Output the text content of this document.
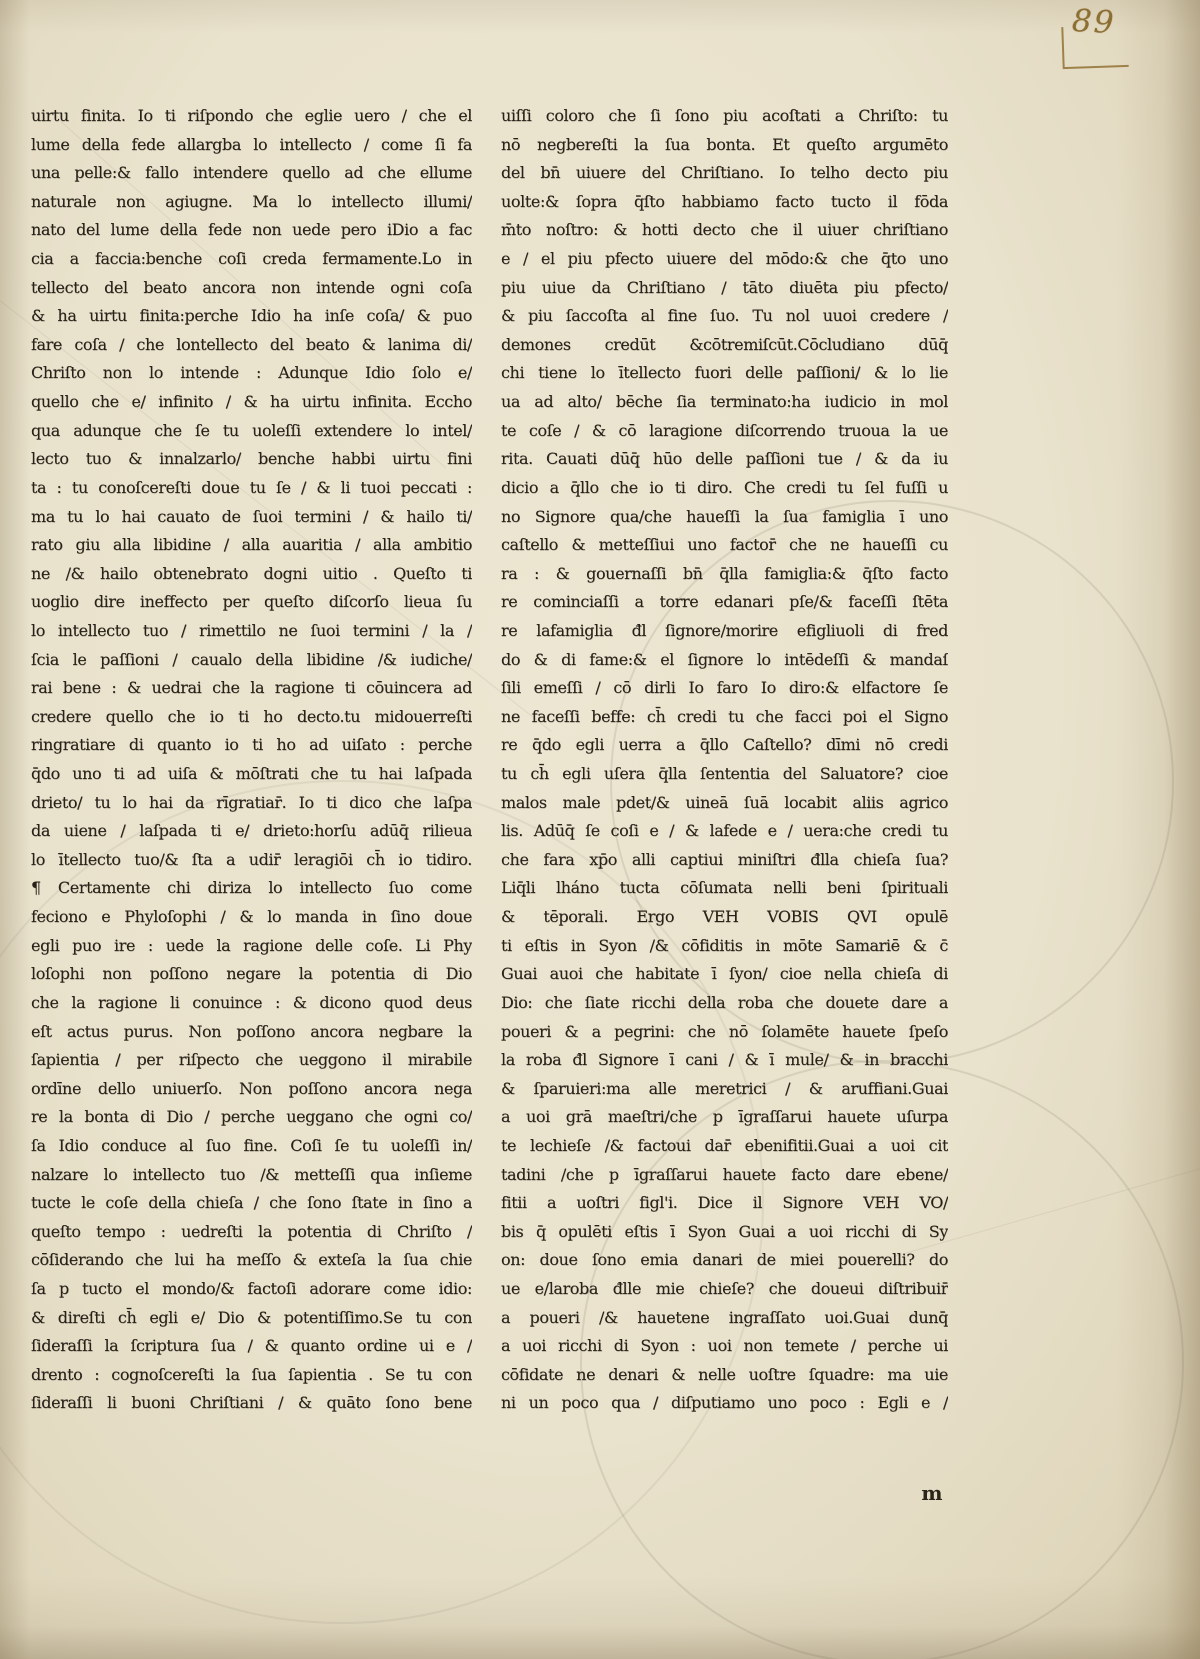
89
uirtu finita. Io ti riſpondo che eglie uero / che el
lume della fede allargba lo intellecto / come ſi fa
una pelle:& fallo intendere quello ad che ellume
naturale non agiugne. Ma lo intellecto illumi/
nato del lume della fede non uede pero iDio a fac
cia a faccia:benche coſi creda fermamente.Lo in
tellecto del beato ancora non intende ogni coſa
& ha uirtu finita:perche Idio ha inſe coſa/ & puo
fare coſa / che lontellecto del beato & lanima di/
Chriſto non lo intende : Adunque Idio ſolo e/
quello che e/ infinito / & ha uirtu infinita. Eccho
qua adunque che ſe tu uoleſſi extendere lo intel/
lecto tuo & innalzarlo/ benche habbi uirtu fini
ta : tu conoſcereſti doue tu ſe / & li tuoi peccati :
ma tu lo hai cauato de ſuoi termini / & hailo ti/
rato giu alla libidine / alla auaritia / alla ambitio
ne /& hailo obtenebrato dogni uitio . Queſto ti
uoglio dire ineffecto per queſto diſcorſo lieua ſu
lo intellecto tuo / rimettilo ne ſuoi termini / la /
ſcia le paſſioni / caualo della libidine /& iudiche/
rai bene : & uedrai che la ragione ti cōuincera ad
credere quello che io ti ho decto.tu midouerreſti
ringratiare di quanto io ti ho ad uiſato : perche
q̄do uno ti ad uiſa & mōſtrati che tu hai laſpada
drieto/ tu lo hai da rīgratiar̄. Io ti dico che laſpa
da uiene / laſpada ti e/ drieto:horſu adūq̄ rilieua
lo ītellecto tuo/& ſta a udir̄ leragiōi ch̄ io tidiro.
¶ Certamente chi diriza lo intellecto ſuo come
feciono e Phyloſophi / & lo manda in ſino doue
egli puo ire : uede la ragione delle coſe. Li Phy
loſophi non poſſono negare la potentia di Dio
che la ragione li conuince : & dicono quod deus
eſt actus purus. Non poſſono ancora negbare la
ſapientia / per riſpecto che ueggono il mirabile
ordīne dello uniuerſo. Non poſſono ancora nega
re la bonta di Dio / perche ueggano che ogni co/
ſa Idio conduce al ſuo fine. Coſi ſe tu uoleſſi in/
nalzare lo intellecto tuo /& metteſſi qua inſieme
tucte le coſe della chieſa / che ſono ſtate in ſino a
queſto tempo : uedreſti la potentia di Chriſto /
cōſiderando che lui ha meſſo & exteſa la ſua chie
ſa p tucto el mondo/& factoſi adorare come idio:
& direſti ch̄ egli e/ Dio & potentiſſimo.Se tu con
ſideraſſi la ſcriptura ſua / & quanto ordine ui e /
drento : cognoſcereſti la ſua ſapientia . Se tu con
ſideraſſi li buoni Chriſtiani / & quāto ſono bene
uiſſi coloro che ſi ſono piu acoſtati a Chriſto: tu
nō negbereſti la ſua bonta. Et queſto argumēto
del bn̄ uiuere del Chriſtiano. Io telho decto piu
uolte:& ſopra q̄ſto habbiamo facto tucto il fōda
m̄to noſtro: & hotti decto che il uiuer chriſtiano
e / el piu pfecto uiuere del mōdo:& che q̄to uno
piu uiue da Chriſtiano / tāto diuēta piu pfecto/
& piu ſaccoſta al fine ſuo. Tu nol uuoi credere /
demones credūt &cōtremiſcūt.Cōcludiano dūq̄
chi tiene lo ītellecto fuori delle paſſioni/ & lo lie
ua ad alto/ bēche ſia terminato:ha iudicio in mol
te coſe / & cō laragione diſcorrendo truoua la ue
rita. Cauati dūq̄ hūo delle paſſioni tue / & da iu
dicio a q̄llo che io ti diro. Che credi tu ſel fuſſi u
no Signore qua/che haueſſi la ſua famiglia ī uno
caſtello & metteſſiui uno factor̄ che ne haueſſi cu
ra : & gouernaſſi bn̄ q̄lla famiglia:& q̄ſto facto
re cominciaſſi a torre edanari pſe/& faceſſi ſtēta
re lafamiglia đl ſignore/morire efigliuoli di fred
do & di fame:& el ſignore lo intēdeſſi & mandaſ
ſili emeſſi / cō dirli Io faro Io diro:& elfactore ſe
ne faceſſi beffe: ch̄ credi tu che facci poi el Signo
re q̄do egli uerra a q̄llo Caſtello? dīmi nō credi
tu ch̄ egli uſera q̄lla ſententia del Saluatore? cioe
malos male pdet/& uineā ſuā locabit aliis agrico
lis. Adūq̄ ſe coſi e / & lafede e / uera:che credi tu
che fara xp̄o alli captiui miniſtri đlla chieſa ſua?
Liq̄li lháno tucta cōſumata nelli beni ſpirituali
& tēporali. Ergo VEH VOBIS QVI opulē
ti eſtis in Syon /& cōfiditis in mōte Samariē & c̄
Guai auoi che habitate ī ſyon/ cioe nella chieſa di
Dio: che ſiate ricchi della roba che douete dare a
poueri & a pegrini: che nō ſolamēte hauete ſpeſo
la roba đl Signore ī cani / & ī mule/ & in bracchi
& ſparuieri:ma alle meretrici / & aruffiani.Guai
a uoi grā maeſtri/che p īgraſſarui hauete uſurpa
te lechieſe /& factoui dar̄ ebenifitii.Guai a uoi cit
tadini /che p īgraſſarui hauete facto dare ebene/
fitii a uoſtri figl'i. Dice il Signore VEH VO/
bis q̄ opulēti eſtis ī Syon Guai a uoi ricchi di Sy
on: doue ſono emia danari de miei pouerelli? do
ue e/laroba đlle mie chieſe? che doueui diſtribuir̄
a poueri /& hauetene ingraſſato uoi.Guai dunq̄
a uoi ricchi di Syon : uoi non temete / perche ui
cōfidate ne denari & nelle uoſtre ſquadre: ma uie
ni un poco qua / diſputiamo uno poco : Egli e /
m
